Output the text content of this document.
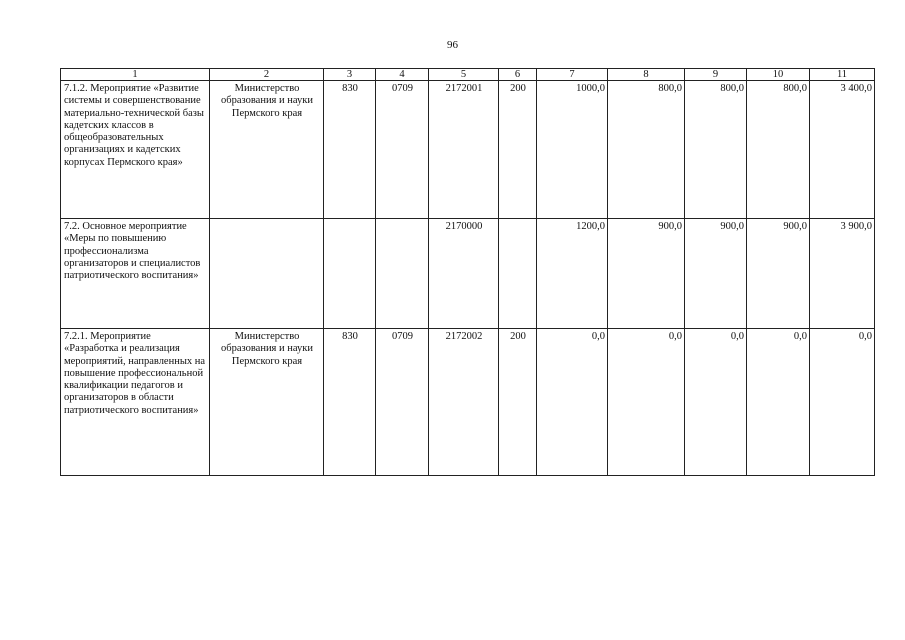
96
1	2	3	4	5	6	7	8	9	10	11
7.1.2. Мероприятие «Развитие системы и совершенствование материально-технической базы кадетских классов в общеобразовательных организациях и кадетских корпусах Пермского края»	Министерство образования и науки Пермского края	830	0709	2172001	200	1000,0	800,0	800,0	800,0	3 400,0
7.2. Основное мероприятие «Меры по повышению профессионализма организаторов и специалистов патриотического воспитания»				2170000		1200,0	900,0	900,0	900,0	3 900,0
7.2.1. Мероприятие «Разработка и реализация мероприятий, направленных на повышение профессиональной квалификации педагогов и организаторов в области патриотического воспитания»	Министерство образования и науки Пермского края	830	0709	2172002	200	0,0	0,0	0,0	0,0	0,0
